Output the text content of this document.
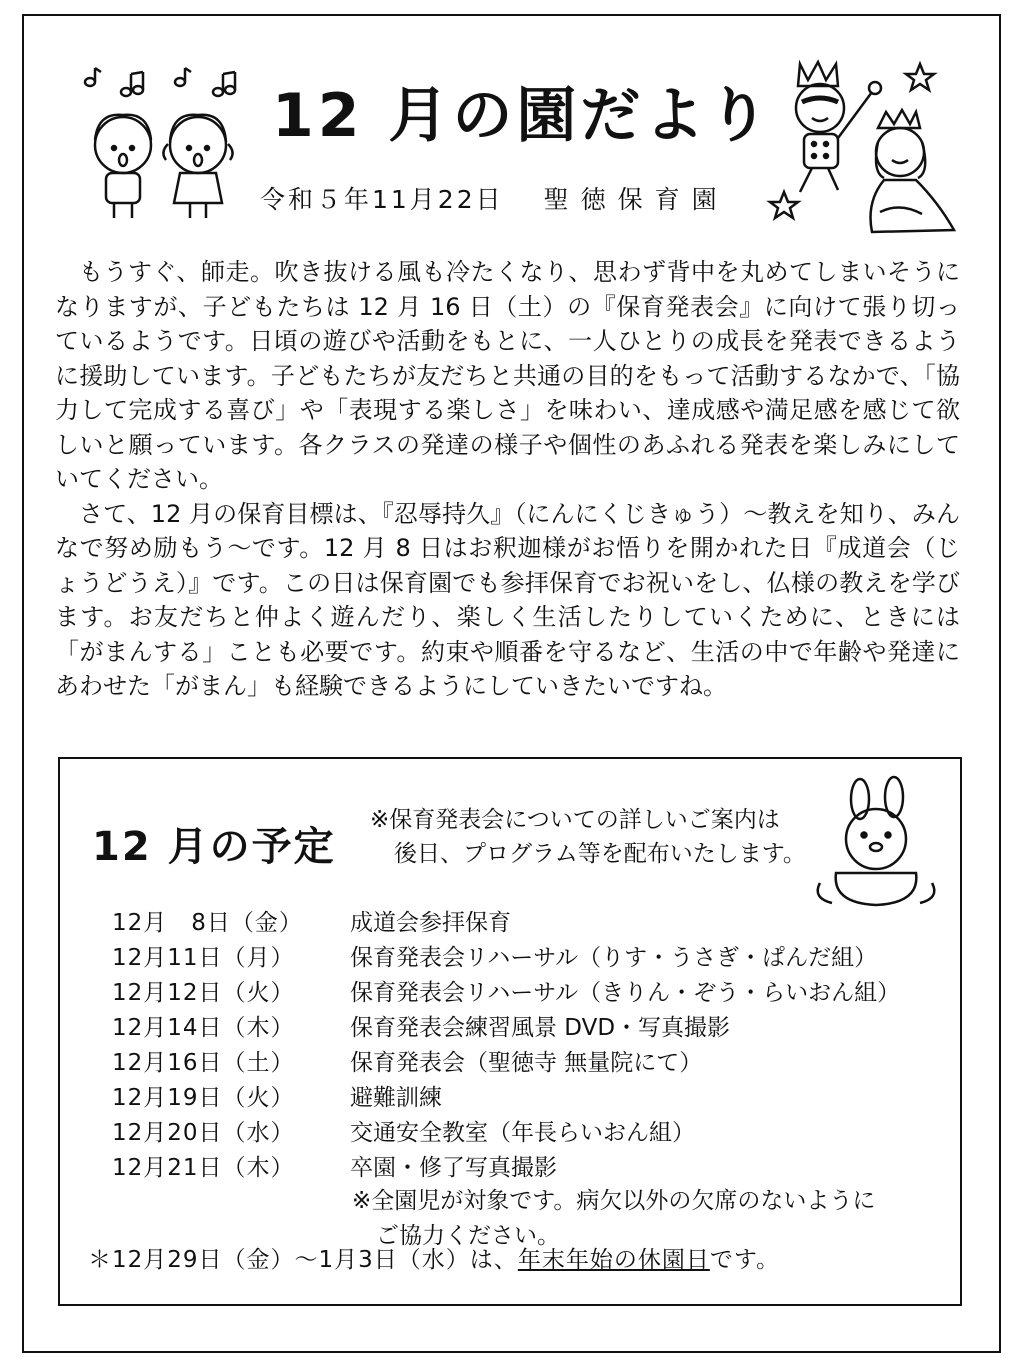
12 月の園だより
令和５年11月22日 聖徳保育園

もうすぐ、師走。吹き抜ける風も冷たくなり、思わず背中を丸めてしまいそうになりますが、子どもたちは 12 月 16 日（土）の『保育発表会』に向けて張り切っているようです。日頃の遊びや活動をもとに、一人ひとりの成長を発表できるように援助しています。子どもたちが友だちと共通の目的をもって活動するなかで、「協力して完成する喜び」や「表現する楽しさ」を味わい、達成感や満足感を感じて欲しいと願っています。各クラスの発達の様子や個性のあふれる発表を楽しみにしていてください。

さて、12 月の保育目標は、『忍辱持久』（にんにくじきゅう）～教えを知り、みんなで努め励もう～です。12 月 8 日はお釈迦様がお悟りを開かれた日『成道会（じょうどうえ）』です。この日は保育園でも参拝保育でお祝いをし、仏様の教えを学びます。お友だちと仲よく遊んだり、楽しく生活したりしていくために、ときには「がまんする」ことも必要です。約束や順番を守るなど、生活の中で年齢や発達にあわせた「がまん」も経験できるようにしていきたいですね。

12 月の予定
※保育発表会についての詳しいご案内は
後日、プログラム等を配布いたします。
12月　8日（金）	成道会参拝保育
12月11日（月）	保育発表会リハーサル（りす・うさぎ・ぱんだ組）
12月12日（火）	保育発表会リハーサル（きりん・ぞう・らいおん組）
12月14日（木）	保育発表会練習風景 DVD・写真撮影
12月16日（土）	保育発表会（聖徳寺 無量院にて）
12月19日（火）	避難訓練
12月20日（水）	交通安全教室（年長らいおん組）
12月21日（木）	卒園・修了写真撮影
※全園児が対象です。病欠以外の欠席のないように
ご協力ください。
＊12月29日（金）～1月3日（水）は、年末年始の休園日です。
